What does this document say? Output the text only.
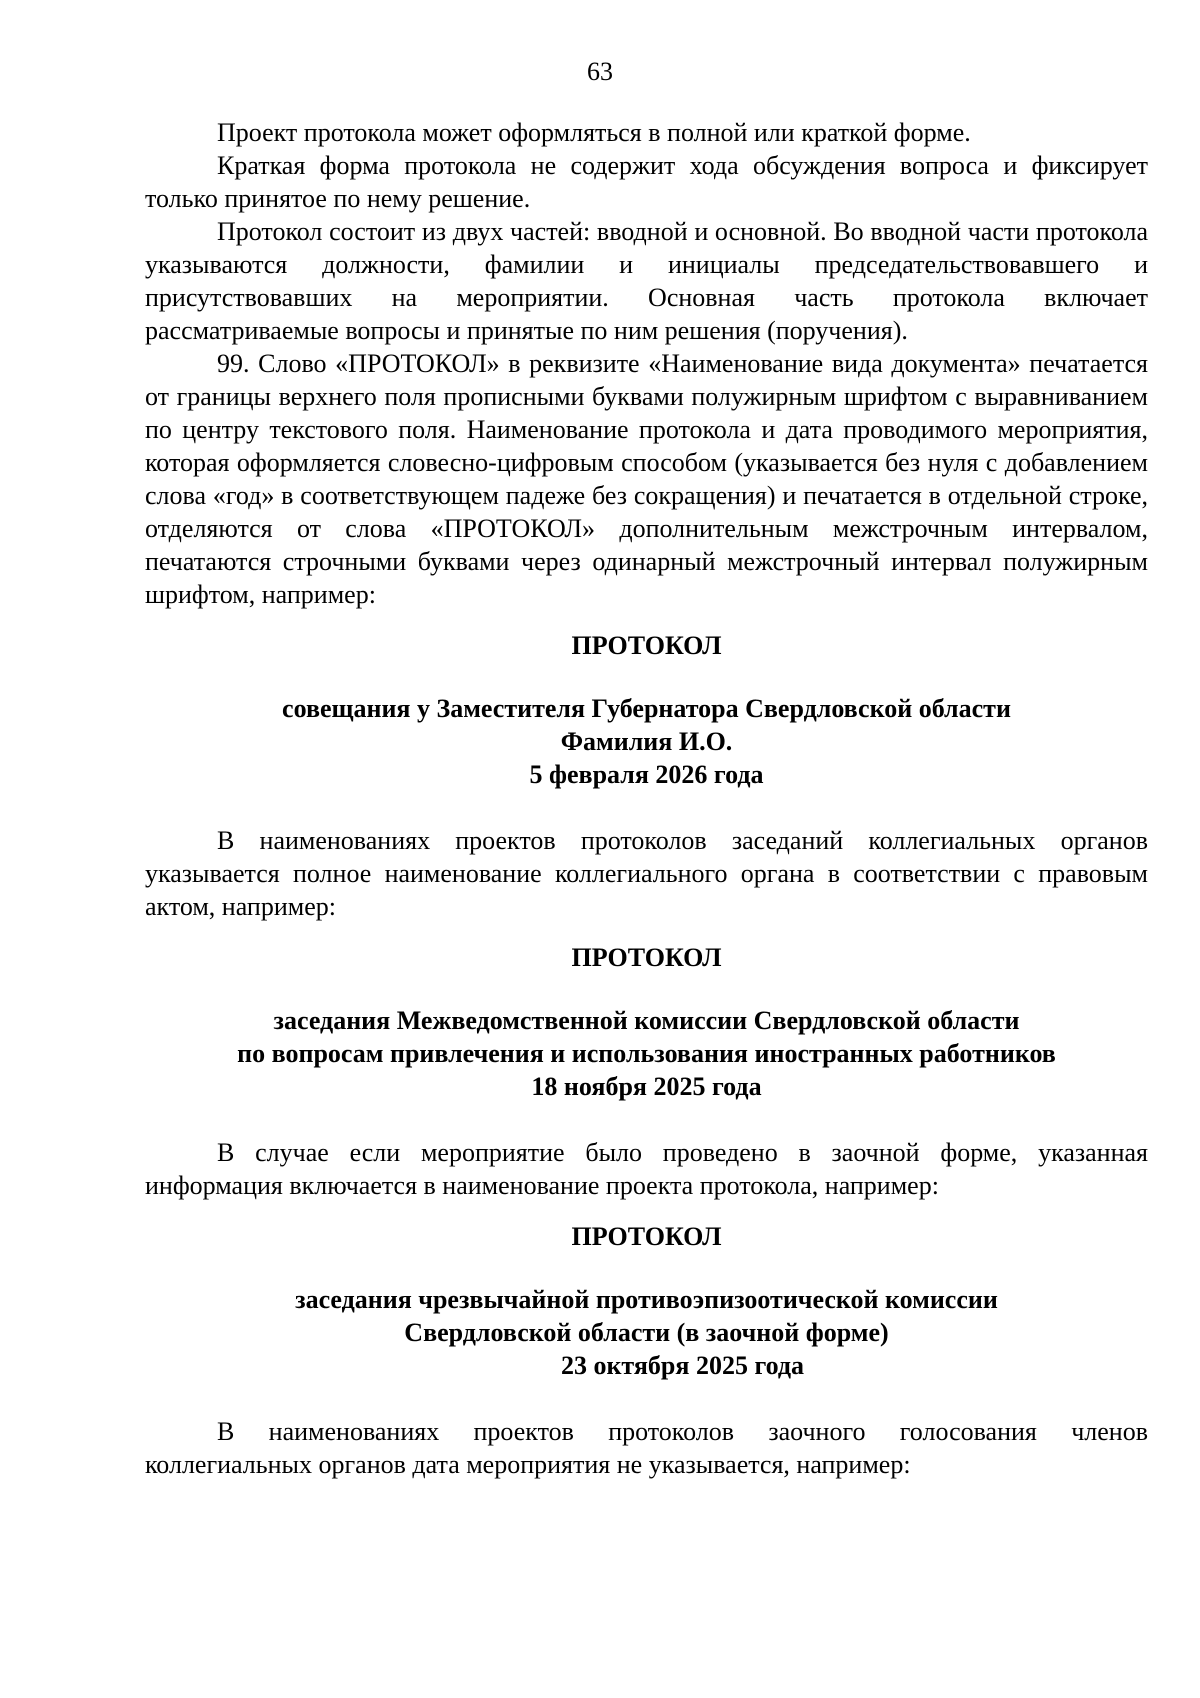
63

Проект протокола может оформляться в полной или краткой форме.

Краткая форма протокола не содержит хода обсуждения вопроса и фиксирует только принятое по нему решение.

Протокол состоит из двух частей: вводной и основной. Во вводной части протокола указываются должности, фамилии и инициалы председательствовавшего и присутствовавших на мероприятии. Основная часть протокола включает рассматриваемые вопросы и принятые по ним решения (поручения).

99. Слово «ПРОТОКОЛ» в реквизите «Наименование вида документа» печатается от границы верхнего поля прописными буквами полужирным шрифтом с выравниванием по центру текстового поля. Наименование протокола и дата проводимого мероприятия, которая оформляется словесно-цифровым способом (указывается без нуля с добавлением слова «год» в соответствующем падеже без сокращения) и печатается в отдельной строке, отделяются от слова «ПРОТОКОЛ» дополнительным межстрочным интервалом, печатаются строчными буквами через одинарный межстрочный интервал полужирным шрифтом, например:

ПРОТОКОЛ

совещания у Заместителя Губернатора Свердловской области
Фамилия И.О.
5 февраля 2026 года

В наименованиях проектов протоколов заседаний коллегиальных органов указывается полное наименование коллегиального органа в соответствии с правовым актом, например:

ПРОТОКОЛ

заседания Межведомственной комиссии Свердловской области
по вопросам привлечения и использования иностранных работников
18 ноября 2025 года

В случае если мероприятие было проведено в заочной форме, указанная информация включается в наименование проекта протокола, например:

ПРОТОКОЛ

заседания чрезвычайной противоэпизоотической комиссии
Свердловской области (в заочной форме)
23 октября 2025 года

В наименованиях проектов протоколов заочного голосования членов коллегиальных органов дата мероприятия не указывается, например:
